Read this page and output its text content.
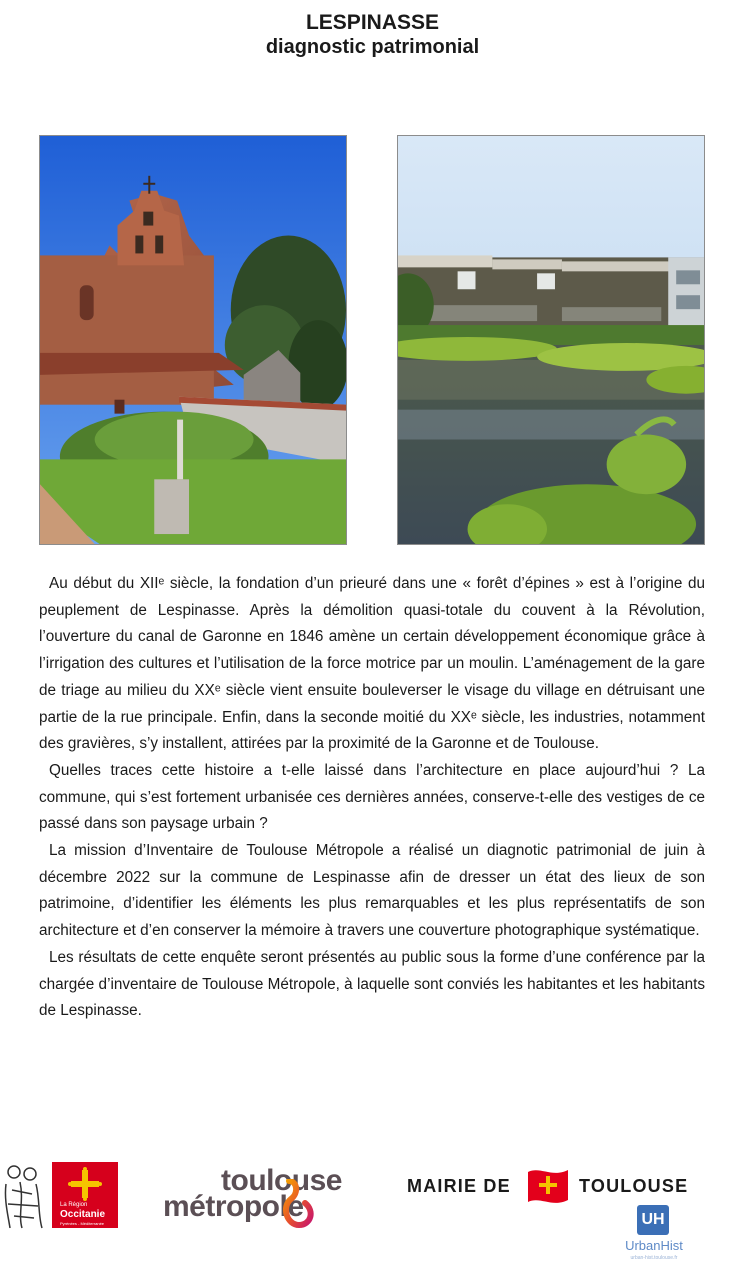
LESPINASSE
diagnostic patrimonial

Au début du XIIᵉ siècle, la fondation d’un prieuré dans une « forêt d’épines » est à l’origine du peuplement de Lespinasse. Après la démolition quasi-totale du couvent à la Révolution, l’ouverture du canal de Garonne en 1846 amène un certain développement économique grâce à l’irrigation des cultures et l’utilisation de la force motrice par un moulin. L’aménagement de la gare de triage au milieu du XXᵉ siècle vient ensuite bouleverser le visage du village en détruisant une partie de la rue principale. Enfin, dans la seconde moitié du XXᵉ siècle, les industries, notamment des gravières, s’y installent, attirées par la proximité de la Garonne et de Toulouse.

Quelles traces cette histoire a t-elle laissé dans l’architecture en place aujourd’hui ? La commune, qui s’est fortement urbanisée ces dernières années, conserve-t-elle des vestiges de ce passé dans son paysage urbain ?

La mission d’Inventaire de Toulouse Métropole a réalisé un diagnotic patrimonial de juin à décembre 2022 sur la commune de Lespinasse afin de dresser un état des lieux de son patrimoine, d’identifier les éléments les plus remarquables et les plus représentatifs de son architecture et d’en conserver la mémoire à travers une couverture photographique systématique.

Les résultats de cette enquête seront présentés au public sous la forme d’une conférence par la chargée d’inventaire de Toulouse Métropole, à laquelle sont conviés les habitantes et les habitants de Lespinasse.

La Région
Occitanie
Pyrénées - Méditerranée
toulouse
métropole
MAIRIE DE	TOULOUSE
UH
UrbanHist
urban-hist.toulouse.fr
